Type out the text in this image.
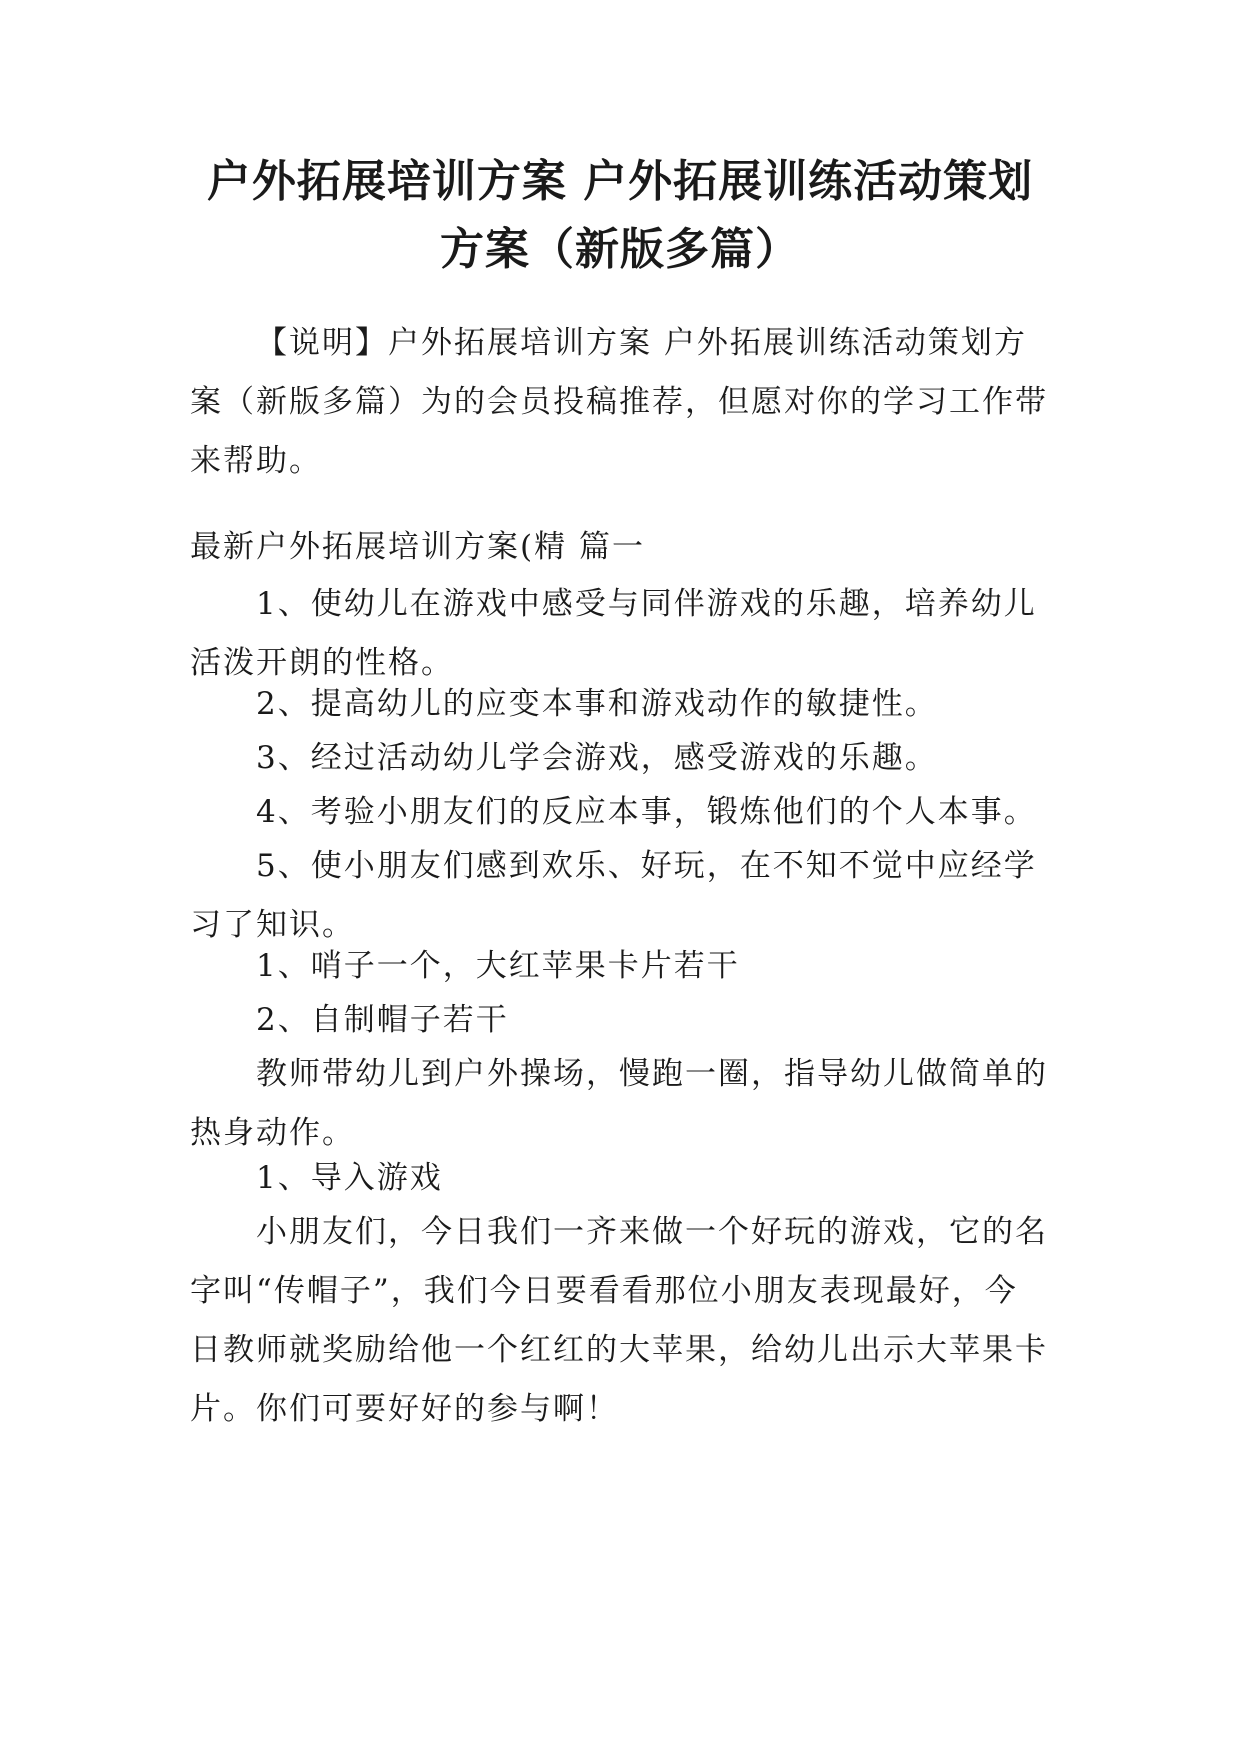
户外拓展培训方案 户外拓展训练活动策划
方案（新版多篇）

【说明】户外拓展培训方案 户外拓展训练活动策划方案（新版多篇）为的会员投稿推荐，但愿对你的学习工作带来帮助。

最新户外拓展培训方案(精 篇一

1、使幼儿在游戏中感受与同伴游戏的乐趣，培养幼儿活泼开朗的性格。

2、提高幼儿的应变本事和游戏动作的敏捷性。

3、经过活动幼儿学会游戏，感受游戏的乐趣。

4、考验小朋友们的反应本事，锻炼他们的个人本事。

5、使小朋友们感到欢乐、好玩，在不知不觉中应经学习了知识。

1、哨子一个，大红苹果卡片若干

2、自制帽子若干

教师带幼儿到户外操场，慢跑一圈，指导幼儿做简单的热身动作。

1、导入游戏

小朋友们，今日我们一齐来做一个好玩的游戏，它的名字叫“传帽子”，我们今日要看看那位小朋友表现最好，今日教师就奖励给他一个红红的大苹果，给幼儿出示大苹果卡片。你们可要好好的参与啊！
